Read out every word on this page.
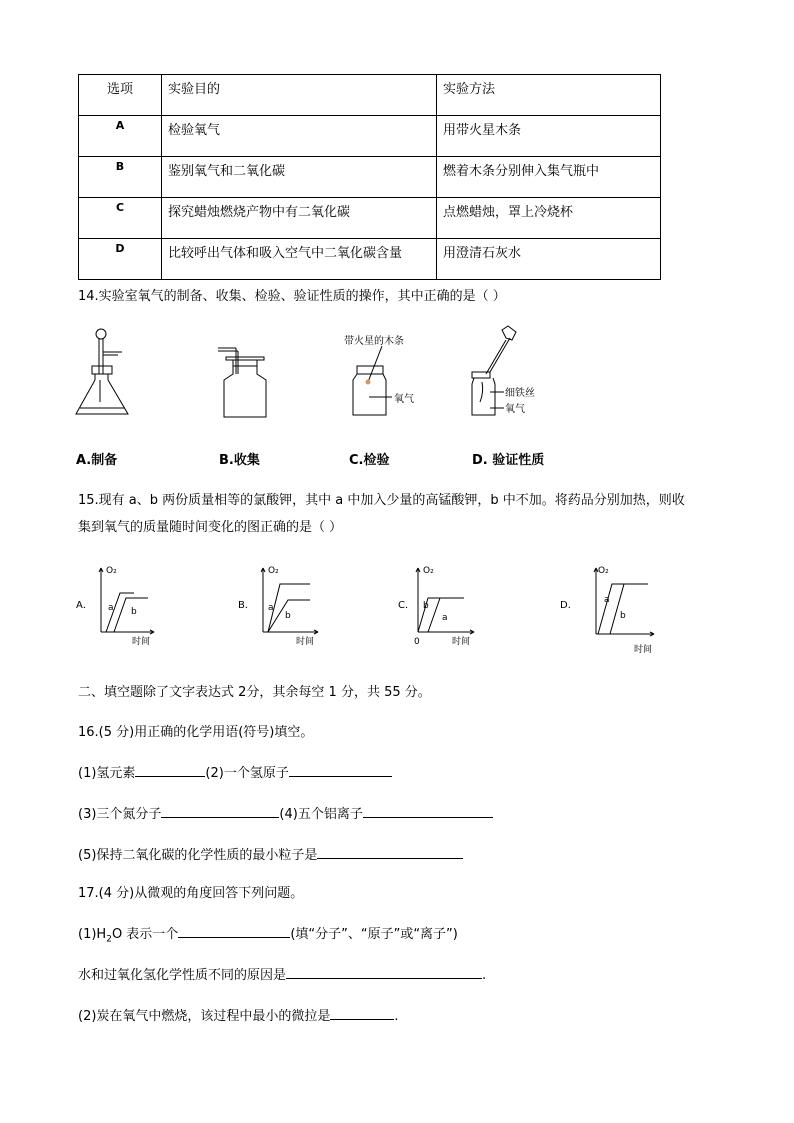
选项	实验目的	实验方法
A	检验氧气	用带火星木条
B	鉴别氧气和二氧化碳	燃着木条分别伸入集气瓶中
C	探究蜡烛燃烧产物中有二氧化碳	点燃蜡烛，罩上冷烧杯
D	比较呼出气体和吸入空气中二氧化碳含量	用澄清石灰水
14.实验室氧气的制备、收集、检验、验证性质的操作，其中正确的是（ ）
带火星的木条
氧气
细铁丝
氧气
A.制备	B.收集	C.检验	D. 验证性质
15.现有 a、b 两份质量相等的氯酸钾，其中 a 中加入少量的高锰酸钾，b 中不加。将药品分别加热，则收
集到氧气的质量随时间变化的图正确的是（ ）
A．
O₂
a b
时间
B．
O₂
a
b
时间
C．
O₂
b
a
0	时间
D．
O₂
a
b
时间
二、填空题除了文字表达式 2分，其余每空 1 分，共 55 分。
16.(5 分)用正确的化学用语(符号)填空。
(1)氢元素	(2)一个氢原子
(3)三个氮分子	(4)五个铝离子
(5)保持二氧化碳的化学性质的最小粒子是
17.(4 分)从微观的角度回答下列问题。
$(1)H_2O$ 表示一个	(填“分子”、“原子”或“离子”)
水和过氧化氢化学性质不同的原因是	.
(2)炭在氧气中燃烧，该过程中最小的微拉是	.
